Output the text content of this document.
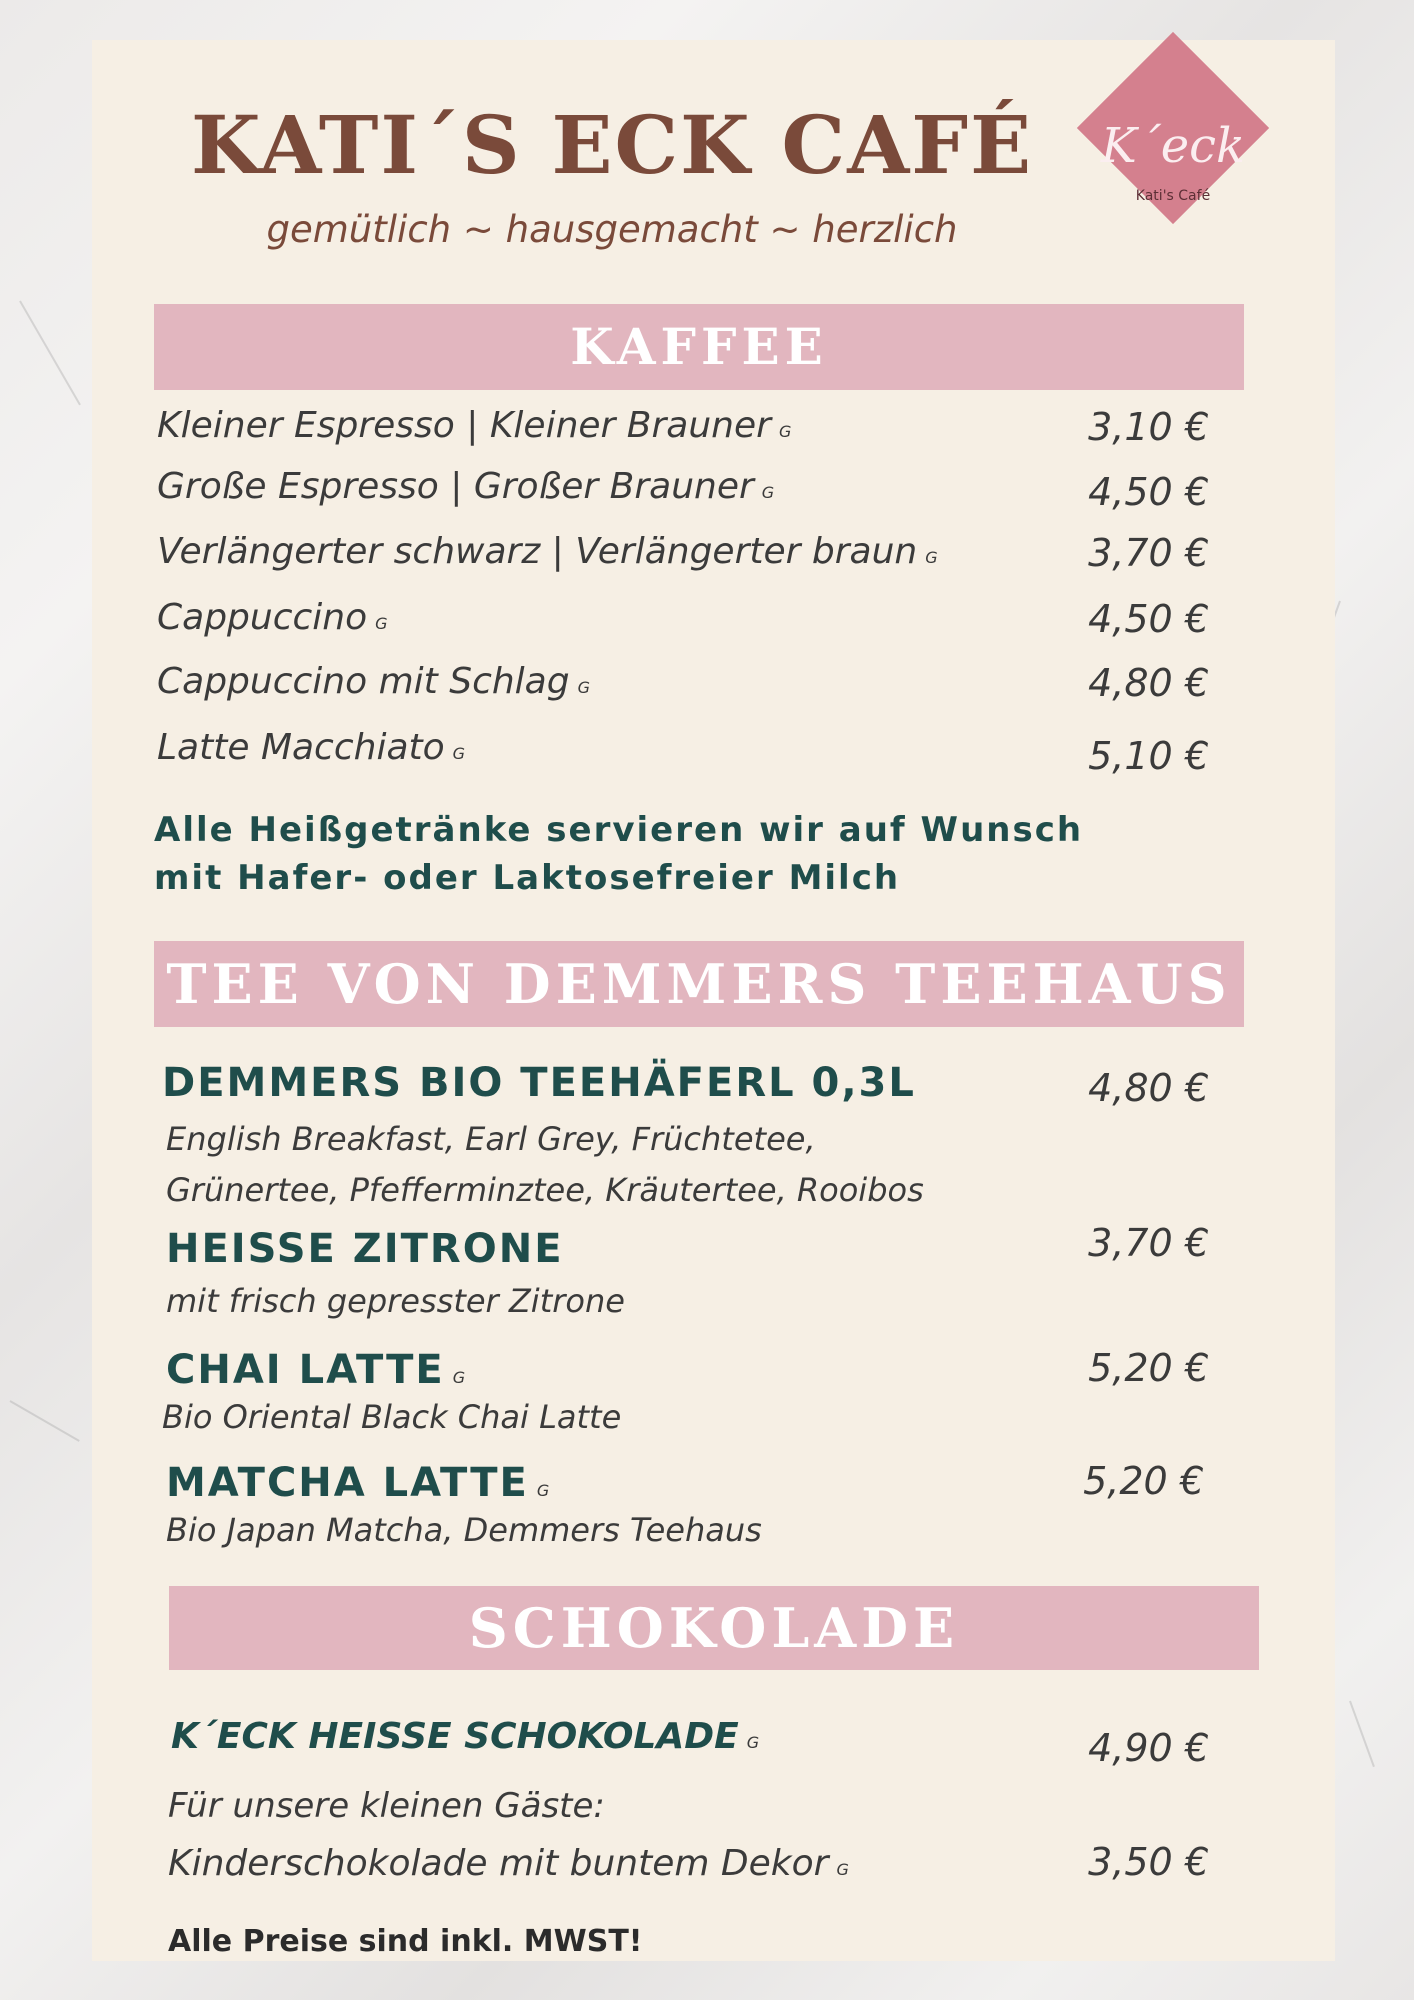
KATI´S ECK CAFÉ
gemütlich ~ hausgemacht ~ herzlich
K´eck
Kati's Café
KAFFEE
Kleiner Espresso | Kleiner Brauner G	3,10 €
Große Espresso | Großer Brauner G	4,50 €
Verlängerter schwarz | Verlängerter braun G	3,70 €
Cappuccino G	4,50 €
Cappuccino mit Schlag G	4,80 €
Latte Macchiato G	5,10 €
Alle Heißgetränke servieren wir auf Wunsch
mit Hafer- oder Laktosefreier Milch
TEE VON DEMMERS TEEHAUS
DEMMERS BIO TEEHÄFERL 0,3L	4,80 €
English Breakfast, Earl Grey, Früchtetee,
Grünertee, Pfefferminztee, Kräutertee, Rooibos
HEISSE ZITRONE	3,70 €
mit frisch gepresster Zitrone
CHAI LATTE G	5,20 €
Bio Oriental Black Chai Latte
MATCHA LATTE G	5,20 €
Bio Japan Matcha, Demmers Teehaus
SCHOKOLADE
K´ECK HEISSE SCHOKOLADE G	4,90 €
Für unsere kleinen Gäste:
Kinderschokolade mit buntem Dekor G	3,50 €
Alle Preise sind inkl. MWST!
